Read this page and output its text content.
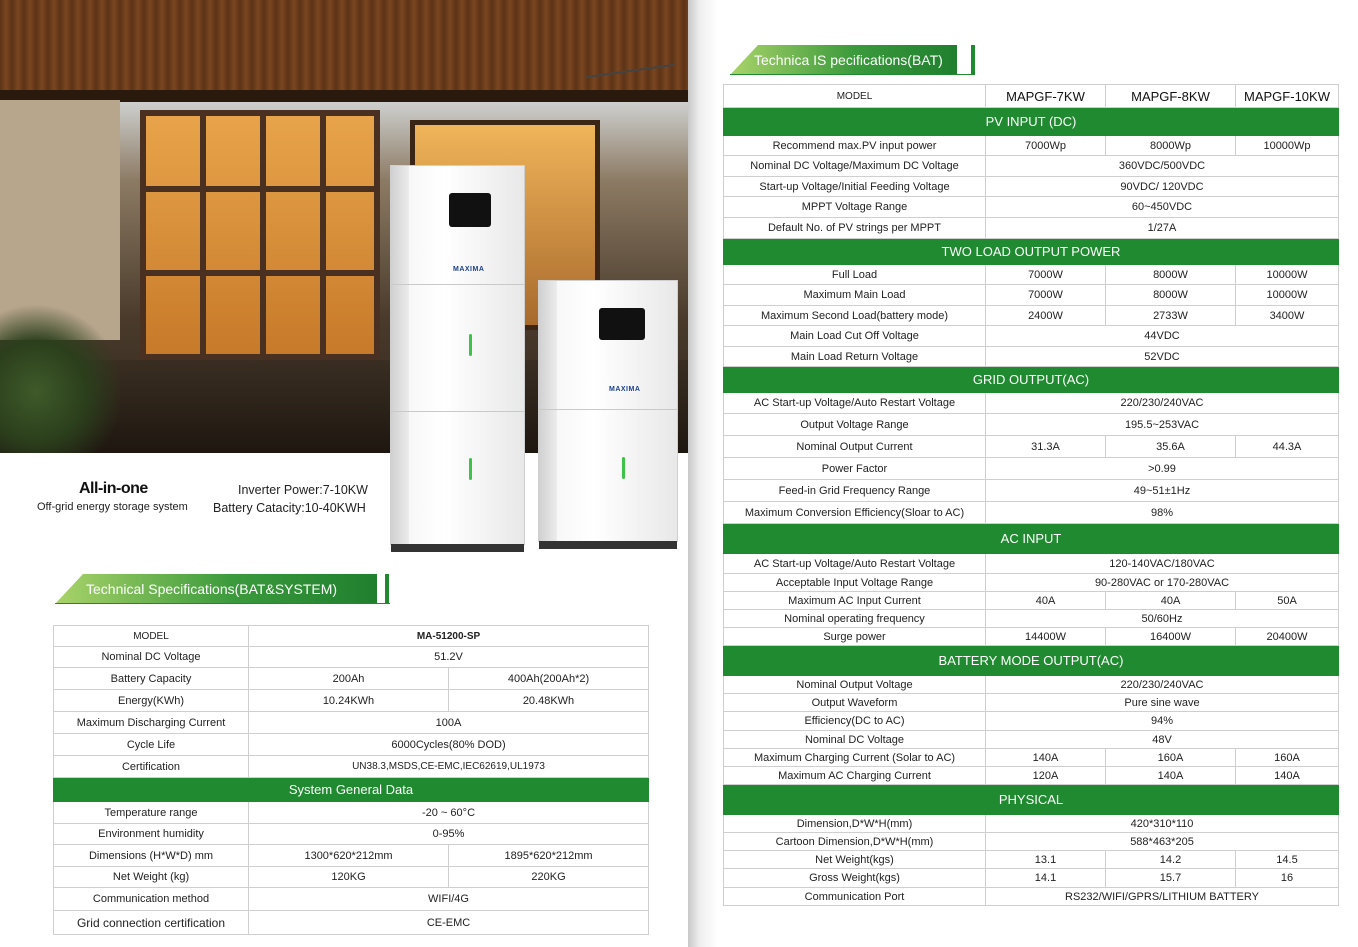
MAXIMA
MAXIMA
All-in-one
Off-grid energy storage system
Inverter Power:7-10KW
Battery Catacity:10-40KWH
Technical Specifications(BAT&SYSTEM)
MODEL	MA-51200-SP	
Nominal DC Voltage	51.2V	
Battery Capacity	200Ah	400Ah(200Ah*2)
Energy(KWh)	10.24KWh	20.48KWh
Maximum Discharging Current	100A	
Cycle Life	6000Cycles(80% DOD)	
Certification	UN38.3,MSDS,CE-EMC,IEC62619,UL1973	
System General Data		
Temperature range	-20 ~ 60°C	
Environment humidity	0-95%	
Dimensions (H*W*D) mm	1300*620*212mm	1895*620*212mm
Net Weight (kg)	120KG	220KG
Communication method	WIFI/4G	
Grid connection certification	CE-EMC	
Technica IS pecifications(BAT)
MODEL	MAPGF-7KW	MAPGF-8KW	MAPGF-10KW
PV INPUT (DC)			
Recommend max.PV input power	7000Wp	8000Wp	10000Wp
Nominal DC Voltage/Maximum DC Voltage	360VDC/500VDC		
Start-up Voltage/Initial Feeding Voltage	90VDC/ 120VDC		
MPPT Voltage Range	60~450VDC		
Default No. of PV strings per MPPT	1/27A		
TWO LOAD OUTPUT POWER			
Full Load	7000W	8000W	10000W
Maximum Main Load	7000W	8000W	10000W
Maximum Second Load(battery mode)	2400W	2733W	3400W
Main Load Cut Off Voltage	44VDC		
Main Load Return Voltage	52VDC		
GRID OUTPUT(AC)			
AC Start-up Voltage/Auto Restart Voltage	220/230/240VAC		
Output Voltage Range	195.5~253VAC		
Nominal Output Current	31.3A	35.6A	44.3A
Power Factor	>0.99		
Feed-in Grid Frequency Range	49~51±1Hz		
Maximum Conversion Efficiency(Sloar to AC)	98%		
AC INPUT			
AC Start-up Voltage/Auto Restart Voltage	120-140VAC/180VAC		
Acceptable Input Voltage Range	90-280VAC or 170-280VAC		
Maximum AC Input Current	40A	40A	50A
Nominal operating frequency	50/60Hz		
Surge power	14400W	16400W	20400W
BATTERY MODE OUTPUT(AC)			
Nominal Output Voltage	220/230/240VAC		
Output Waveform	Pure sine wave		
Efficiency(DC to AC)	94%		
Nominal DC Voltage	48V		
Maximum Charging Current (Solar to AC)	140A	160A	160A
Maximum AC Charging Current	120A	140A	140A
PHYSICAL			
Dimension,D*W*H(mm)	420*310*110		
Cartoon Dimension,D*W*H(mm)	588*463*205		
Net Weight(kgs)	13.1	14.2	14.5
Gross Weight(kgs)	14.1	15.7	16
Communication Port	RS232/WIFI/GPRS/LITHIUM BATTERY		
